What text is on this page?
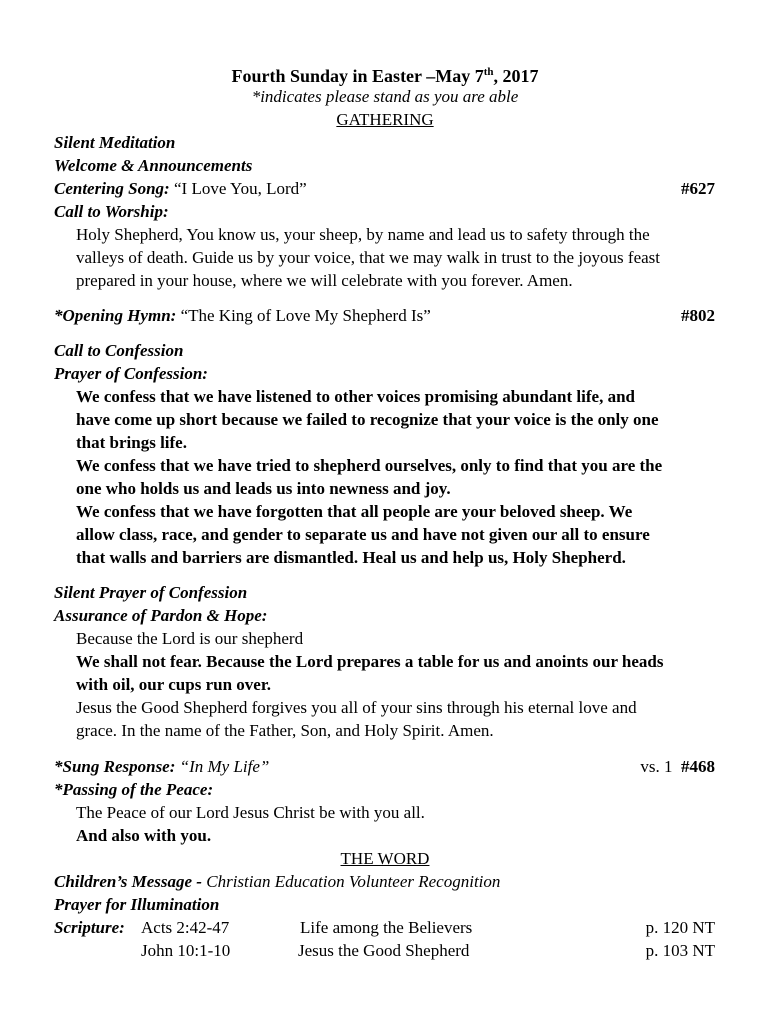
Fourth Sunday in Easter –May 7th, 2017
*indicates please stand as you are able
GATHERING
Silent Meditation
Welcome & Announcements
Centering Song: “I Love You, Lord”	#627
Call to Worship:
Holy Shepherd, You know us, your sheep, by name and lead us to safety through the
valleys of death. Guide us by your voice, that we may walk in trust to the joyous feast
prepared in your house, where we will celebrate with you forever. Amen.
*Opening Hymn: “The King of Love My Shepherd Is”	#802
Call to Confession
Prayer of Confession:
We confess that we have listened to other voices promising abundant life, and
have come up short because we failed to recognize that your voice is the only one
that brings life.
We confess that we have tried to shepherd ourselves, only to find that you are the
one who holds us and leads us into newness and joy.
We confess that we have forgotten that all people are your beloved sheep. We
allow class, race, and gender to separate us and have not given our all to ensure
that walls and barriers are dismantled. Heal us and help us, Holy Shepherd.
Silent Prayer of Confession
Assurance of Pardon & Hope:
Because the Lord is our shepherd
We shall not fear. Because the Lord prepares a table for us and anoints our heads
with oil, our cups run over.
Jesus the Good Shepherd forgives you all of your sins through his eternal love and
grace. In the name of the Father, Son, and Holy Spirit. Amen.
*Sung Response: “In My Life”	vs. 1 #468
*Passing of the Peace:
The Peace of our Lord Jesus Christ be with you all.
And also with you.
THE WORD
Children’s Message - Christian Education Volunteer Recognition
Prayer for Illumination
Scripture: Acts 2:42-47	Life among the Believers	p. 120 NT
John 10:1-10	Jesus the Good Shepherd	p. 103 NT
